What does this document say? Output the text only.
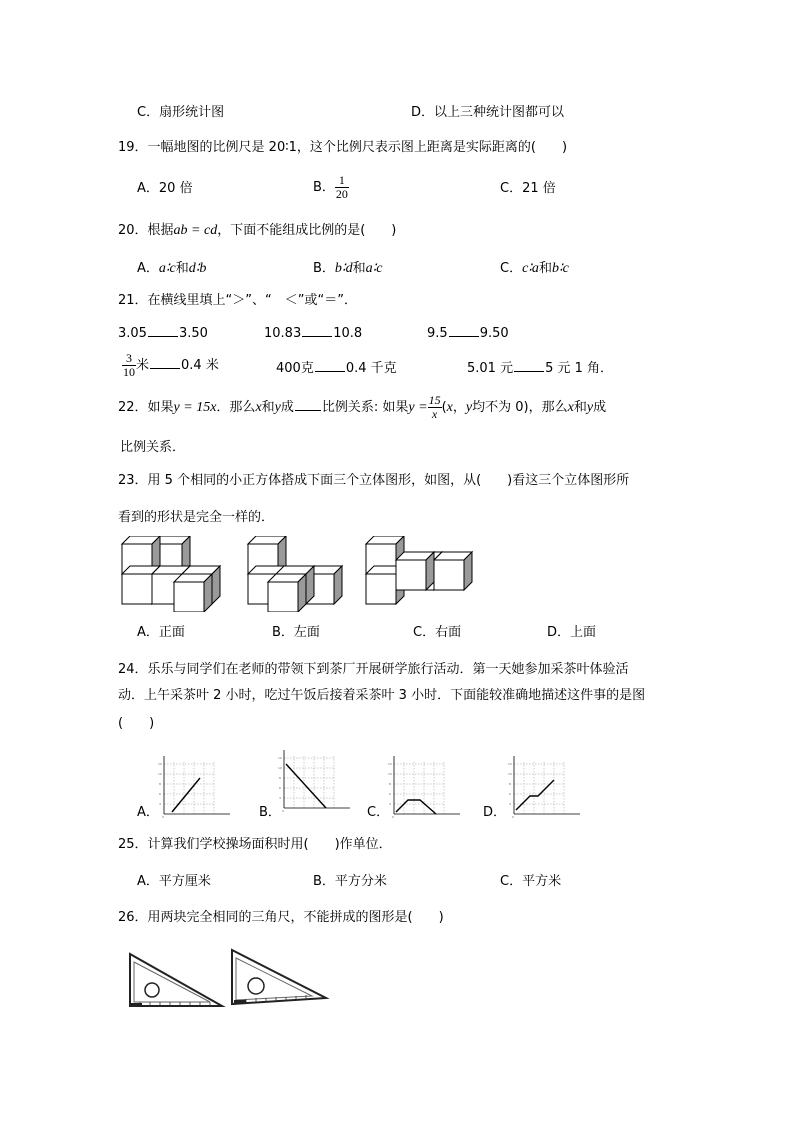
C．扇形统计图	D．以上三种统计图都可以
19．一幅地图的比例尺是 20∶1，这个比例尺表示图上距离是实际距离的(　　)
A．20 倍	B． $\frac{1}{20}$	C．21 倍
20．根据ab = cd，下面不能组成比例的是(　　)
A．a∶c和d∶b	B．b∶d和a∶c	C．c∶a和b∶c
21．在横线里填上“＞”、“　＜”或“＝”．
3.05 3.50	10.83 10.8	9.5 9.50
$\frac{3}{10}$ 米 0.4 米	400克 0.4 千克	5.01 元 5 元 1 角．
22．如果y = 15x．那么x和y成 比例关系: 如果$y = \frac{15}{x} (x$，y均不为 0)，那么x和y成
比例关系．
23．用 5 个相同的小正方体搭成下面三个立体图形，如图，从(　　)看这三个立体图形所
看到的形状是完全一样的．
A．正面	B．左面	C．右面	D．上面
24．乐乐与同学们在老师的带领下到茶厂开展研学旅行活动．第一天她参加采茶叶体验活
动．上午采茶叶 2 小时，吃过午饭后接着采茶叶 3 小时．下面能较准确地描述这件事的是图
(　　)
A．	B．	C．	D．
12
10
8
6
4
0
25．计算我们学校操场面积时用(　　)作单位．
A．平方厘米	B．平方分米	C．平方米
26．用两块完全相同的三角尺，不能拼成的图形是(　　)
